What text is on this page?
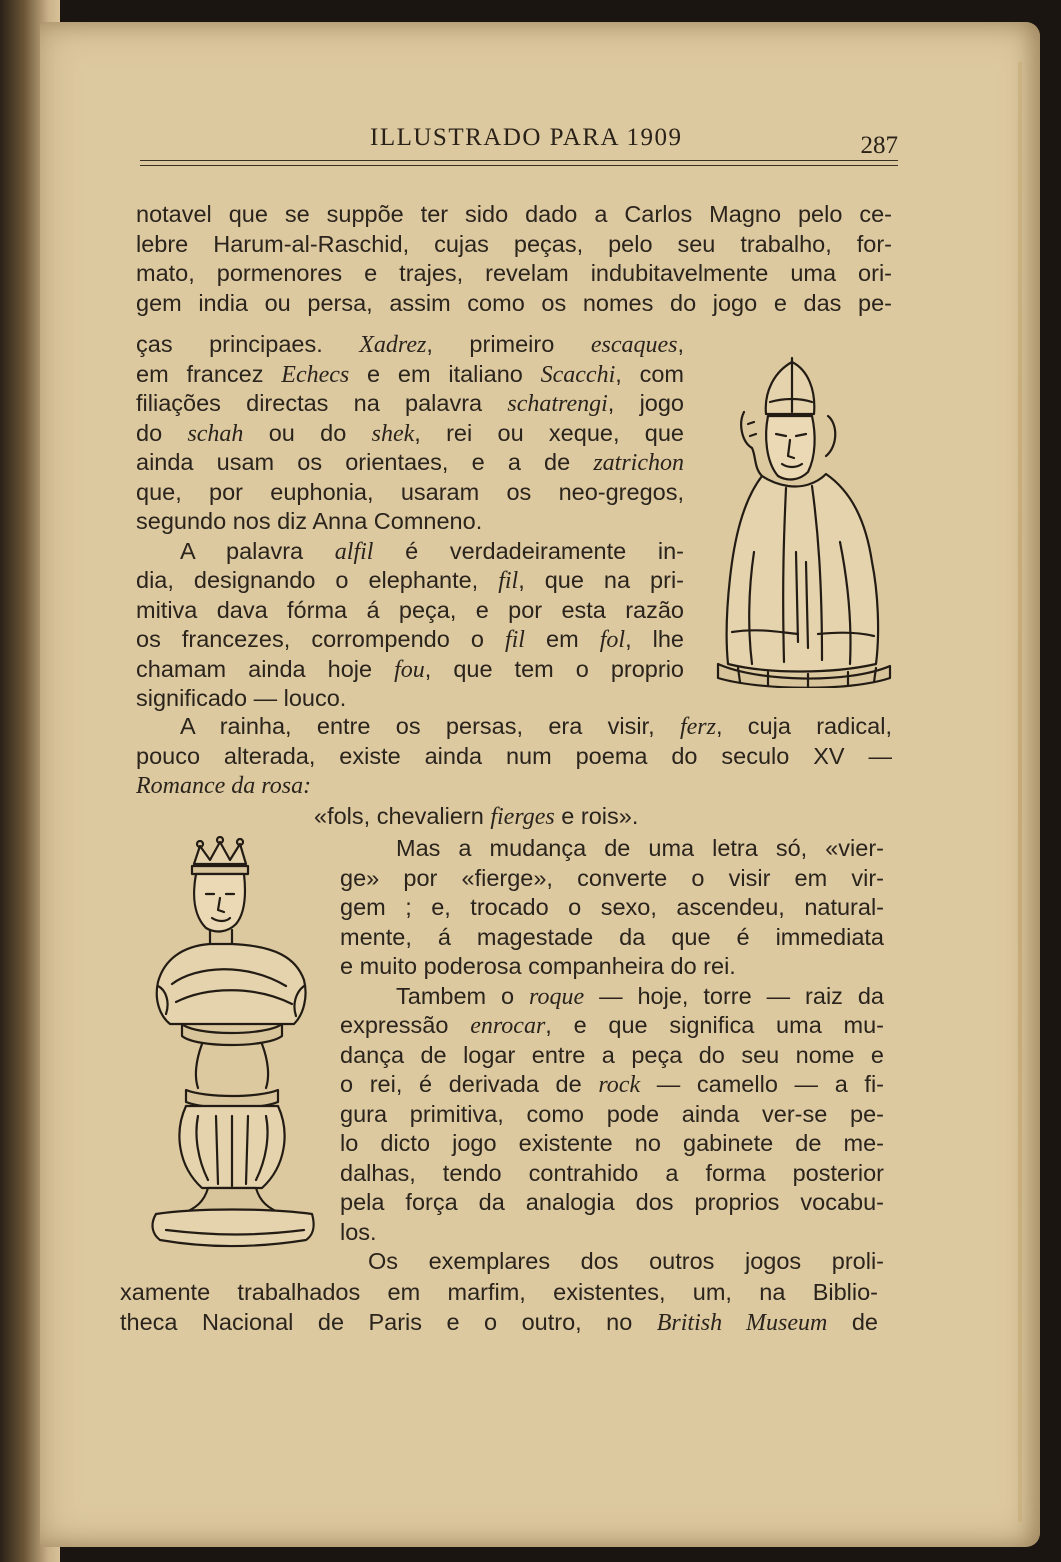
ILLUSTRADO PARA 1909	287
notavel que se suppõe ter sido dado a Carlos Magno pelo ce-
lebre Harum-al-Raschid, cujas peças, pelo seu trabalho, for-
mato, pormenores e trajes, revelam indubitavelmente uma ori-
gem india ou persa, assim como os nomes do jogo e das pe-
ças principaes. Xadrez, primeiro escaques,
em francez Echecs e em italiano Scacchi, com
filiações directas na palavra schatrengi, jogo
do schah ou do shek, rei ou xeque, que
ainda usam os orientaes, e a de zatrichon
que, por euphonia, usaram os neo-gregos,
segundo nos diz Anna Comneno.
A palavra alfil é verdadeiramente in-
dia, designando o elephante, fil, que na pri-
mitiva dava fórma á peça, e por esta razão
os francezes, corrompendo o fil em fol, lhe
chamam ainda hoje fou, que tem o proprio
significado — louco.
A rainha, entre os persas, era visir, ferz, cuja radical,
pouco alterada, existe ainda num poema do seculo XV —
Romance da rosa:
«fols, chevaliern fierges e rois».
Mas a mudança de uma letra só, «vier-
ge» por «fierge», converte o visir em vir-
gem ; e, trocado o sexo, ascendeu, natural-
mente, á magestade da que é immediata
e muito poderosa companheira do rei.
Tambem o roque — hoje, torre — raiz da
expressão enrocar, e que significa uma mu-
dança de logar entre a peça do seu nome e
o rei, é derivada de rock — camello — a fi-
gura primitiva, como pode ainda ver-se pe-
lo dicto jogo existente no gabinete de me-
dalhas, tendo contrahido a forma posterior
pela força da analogia dos proprios vocabu-
los.
Os exemplares dos outros jogos proli-
xamente trabalhados em marfim, existentes, um, na Biblio-
theca Nacional de Paris e o outro, no British Museum de
